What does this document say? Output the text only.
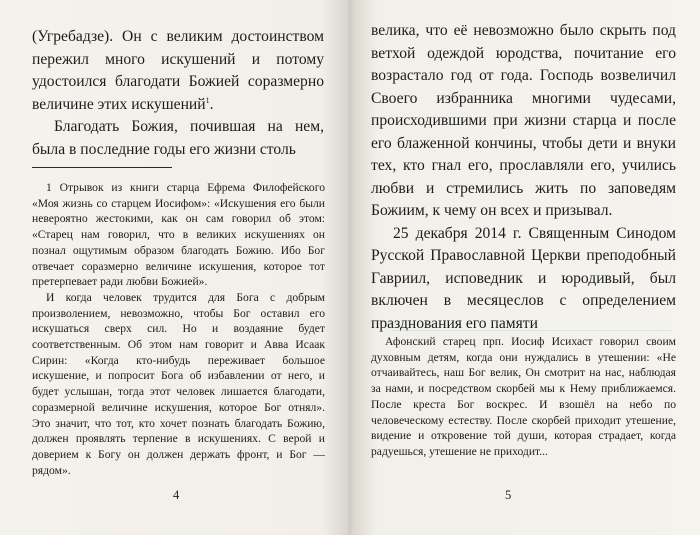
(Угребадзе). Он с великим достоинством пережил много искушений и потому удостоился благодати Божией соразмерно величине этих искушений$^1$.

Благодать Божия, почившая на нем, была в последние годы его жизни столь

1 Отрывок из книги старца Ефрема Филофейского «Моя жизнь со старцем Иосифом»: «Искушения его были невероятно жестокими, как он сам говорил об этом: «Старец нам говорил, что в великих искушениях он познал ощутимым образом благодать Божию. Ибо Бог отвечает соразмерно величине искушения, которое тот претерпевает ради любви Божией».

И когда человек трудится для Бога с добрым произволением, невозможно, чтобы Бог оставил его искушаться сверх сил. Но и воздаяние будет соответственным. Об этом нам говорит и Авва Исаак Сирин: «Когда кто-нибудь переживает большое искушение, и попросит Бога об избавлении от него, и будет услышан, тогда этот человек лишается благодати, соразмерной величине искушения, которое Бог отнял». Это значит, что тот, кто хочет познать благодать Божию, должен проявлять терпение в искушениях. С верой и доверием к Богу он должен держать фронт, и Бог — рядом».

4

велика, что её невозможно было скрыть под ветхой одеждой юродства, почитание его возрастало год от года. Господь возвеличил Своего избранника многими чудесами, происходившими при жизни старца и после его блаженной кончины, чтобы дети и внуки тех, кто гнал его, прославляли его, учились любви и стремились жить по заповедям Божиим, к чему он всех и призывал.

25 декабря 2014 г. Священным Синодом Русской Православной Церкви преподобный Гавриил, исповедник и юродивый, был включен в месяцеслов с определением празднования его памяти

Афонский старец прп. Иосиф Исихаст говорил своим духовным детям, когда они нуждались в утешении: «Не отчаивайтесь, наш Бог велик, Он смотрит на нас, наблюдая за нами, и посредством скорбей мы к Нему приближаемся. После креста Бог воскрес. И взошёл на небо по человеческому естеству. После скорбей приходит утешение, видение и откровение той души, которая страдает, когда радуешься, утешение не приходит...

5
